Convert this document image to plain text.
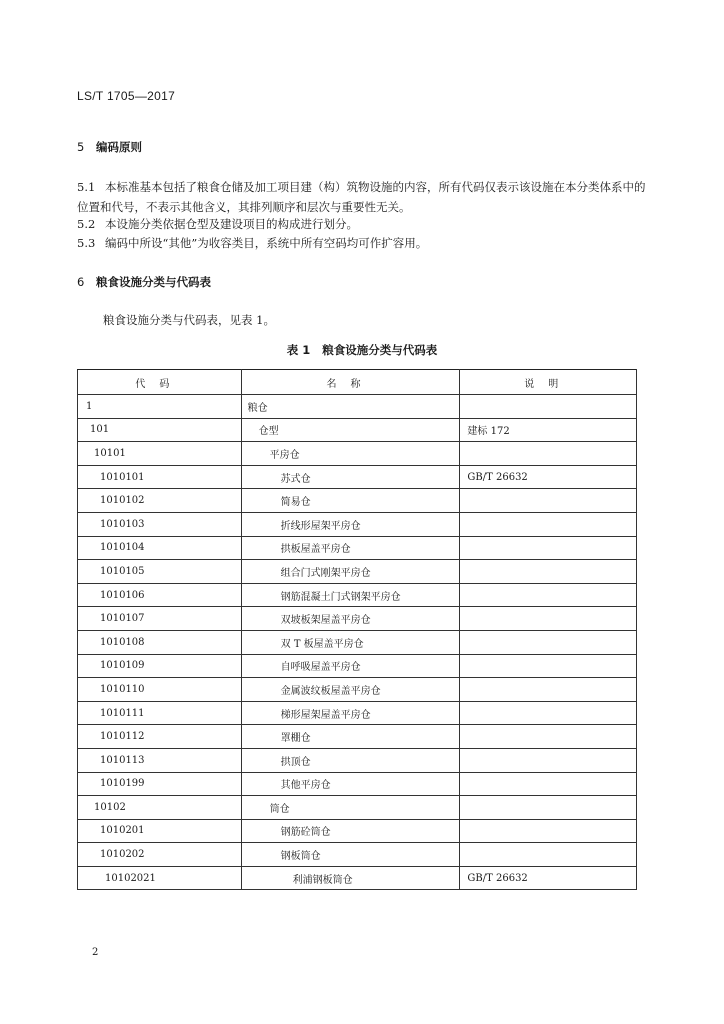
LS/T 1705—2017
5 编码原则
5.1 本标准基本包括了粮食仓储及加工项目建（构）筑物设施的内容，所有代码仅表示该设施在本分类体系中的位置和代号，不表示其他含义，其排列顺序和层次与重要性无关。
5.2 本设施分类依据仓型及建设项目的构成进行划分。
5.3 编码中所设“其他”为收容类目，系统中所有空码均可作扩容用。
6 粮食设施分类与代码表
粮食设施分类与代码表，见表 1。
表 1 粮食设施分类与代码表
代码	名称	说明
1	粮仓	
101	仓型	建标 172
10101	平房仓	
1010101	苏式仓	GB/T 26632
1010102	简易仓	
1010103	折线形屋架平房仓	
1010104	拱板屋盖平房仓	
1010105	组合门式刚架平房仓	
1010106	钢筋混凝土门式钢架平房仓	
1010107	双坡板架屋盖平房仓	
1010108	双 T 板屋盖平房仓	
1010109	自呼吸屋盖平房仓	
1010110	金属波纹板屋盖平房仓	
1010111	梯形屋架屋盖平房仓	
1010112	罩棚仓	
1010113	拱顶仓	
1010199	其他平房仓	
10102	筒仓	
1010201	钢筋砼筒仓	
1010202	钢板筒仓	
10102021	利浦钢板筒仓	GB/T 26632
2
